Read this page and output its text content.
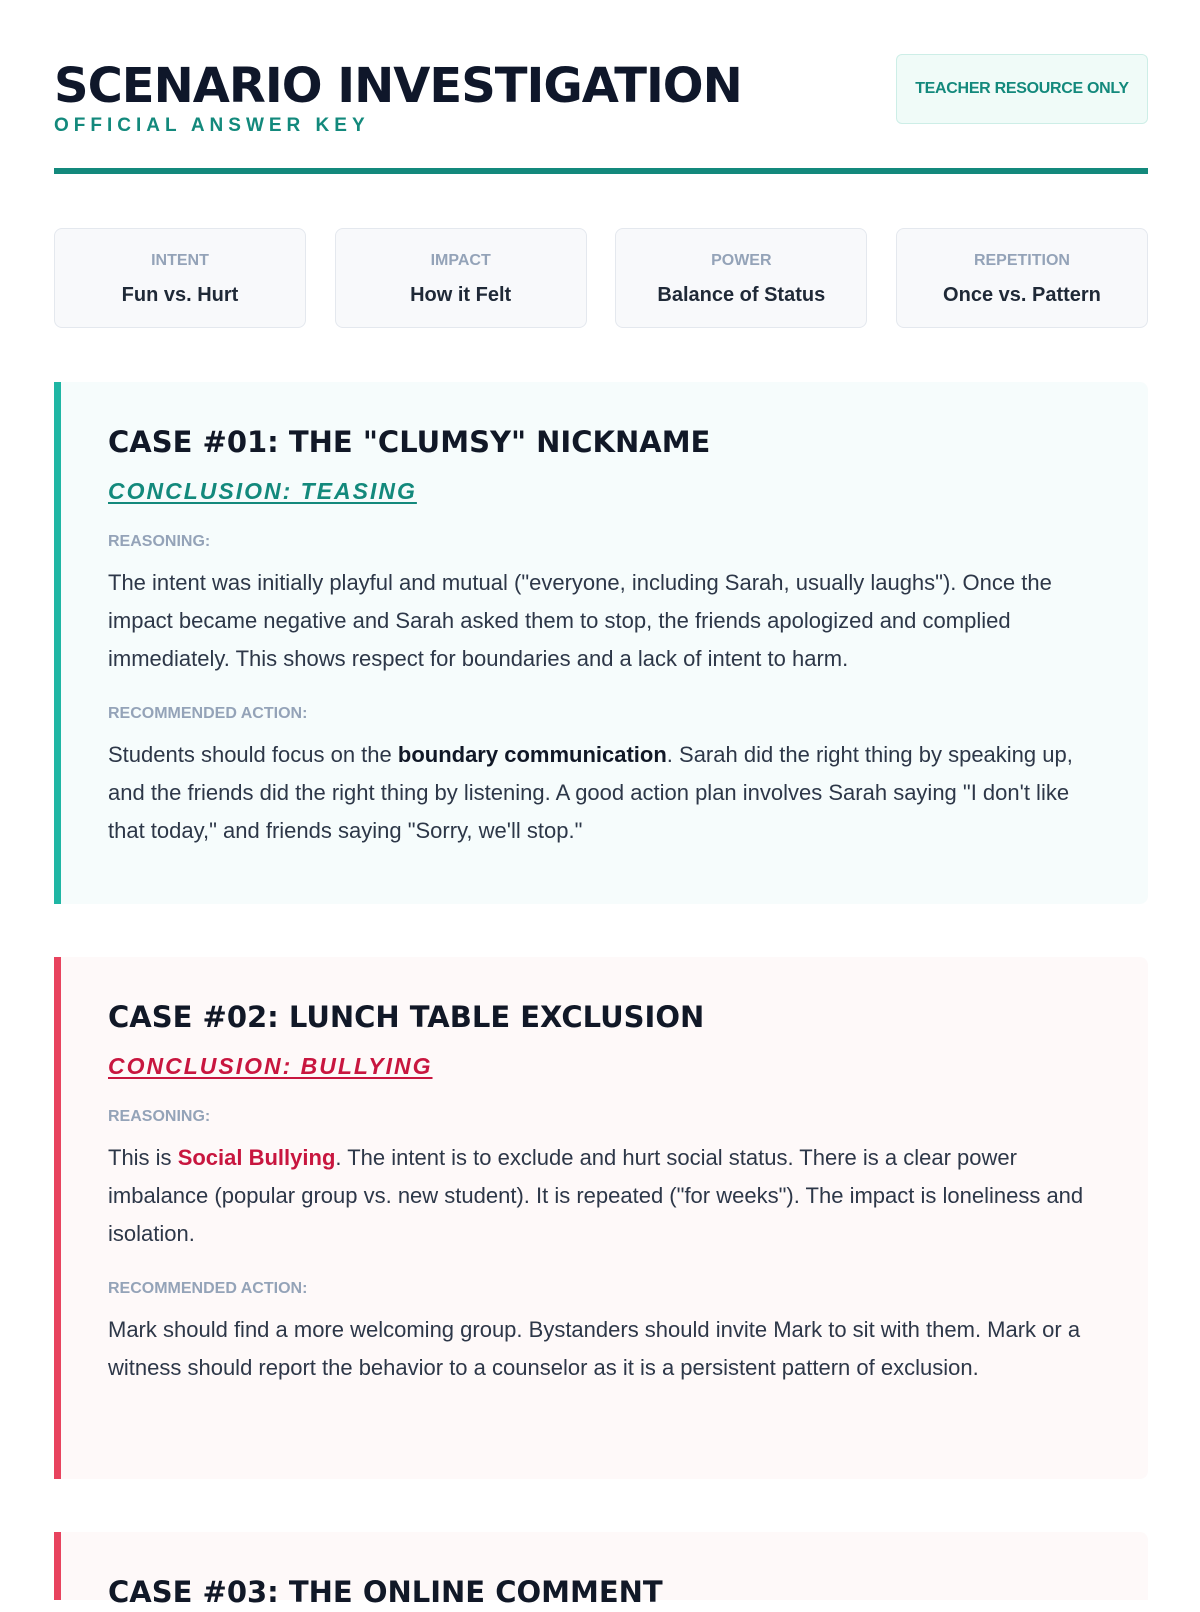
SCENARIO INVESTIGATION
OFFICIAL ANSWER KEY
TEACHER RESOURCE ONLY
INTENT
Fun vs. Hurt
IMPACT
How it Felt
POWER
Balance of Status
REPETITION
Once vs. Pattern
CASE #01: THE "CLUMSY" NICKNAME
CONCLUSION: TEASING
REASONING:
The intent was initially playful and mutual ("everyone, including Sarah, usually laughs"). Once the impact became negative and Sarah asked them to stop, the friends apologized and complied immediately. This shows respect for boundaries and a lack of intent to harm.
RECOMMENDED ACTION:
Students should focus on the boundary communication. Sarah did the right thing by speaking up, and the friends did the right thing by listening. A good action plan involves Sarah saying "I don't like that today," and friends saying "Sorry, we'll stop."
CASE #02: LUNCH TABLE EXCLUSION
CONCLUSION: BULLYING
REASONING:
This is Social Bullying. The intent is to exclude and hurt social status. There is a clear power imbalance (popular group vs. new student). It is repeated ("for weeks"). The impact is loneliness and isolation.
RECOMMENDED ACTION:
Mark should find a more welcoming group. Bystanders should invite Mark to sit with them. Mark or a witness should report the behavior to a counselor as it is a persistent pattern of exclusion.
CASE #03: THE ONLINE COMMENT
